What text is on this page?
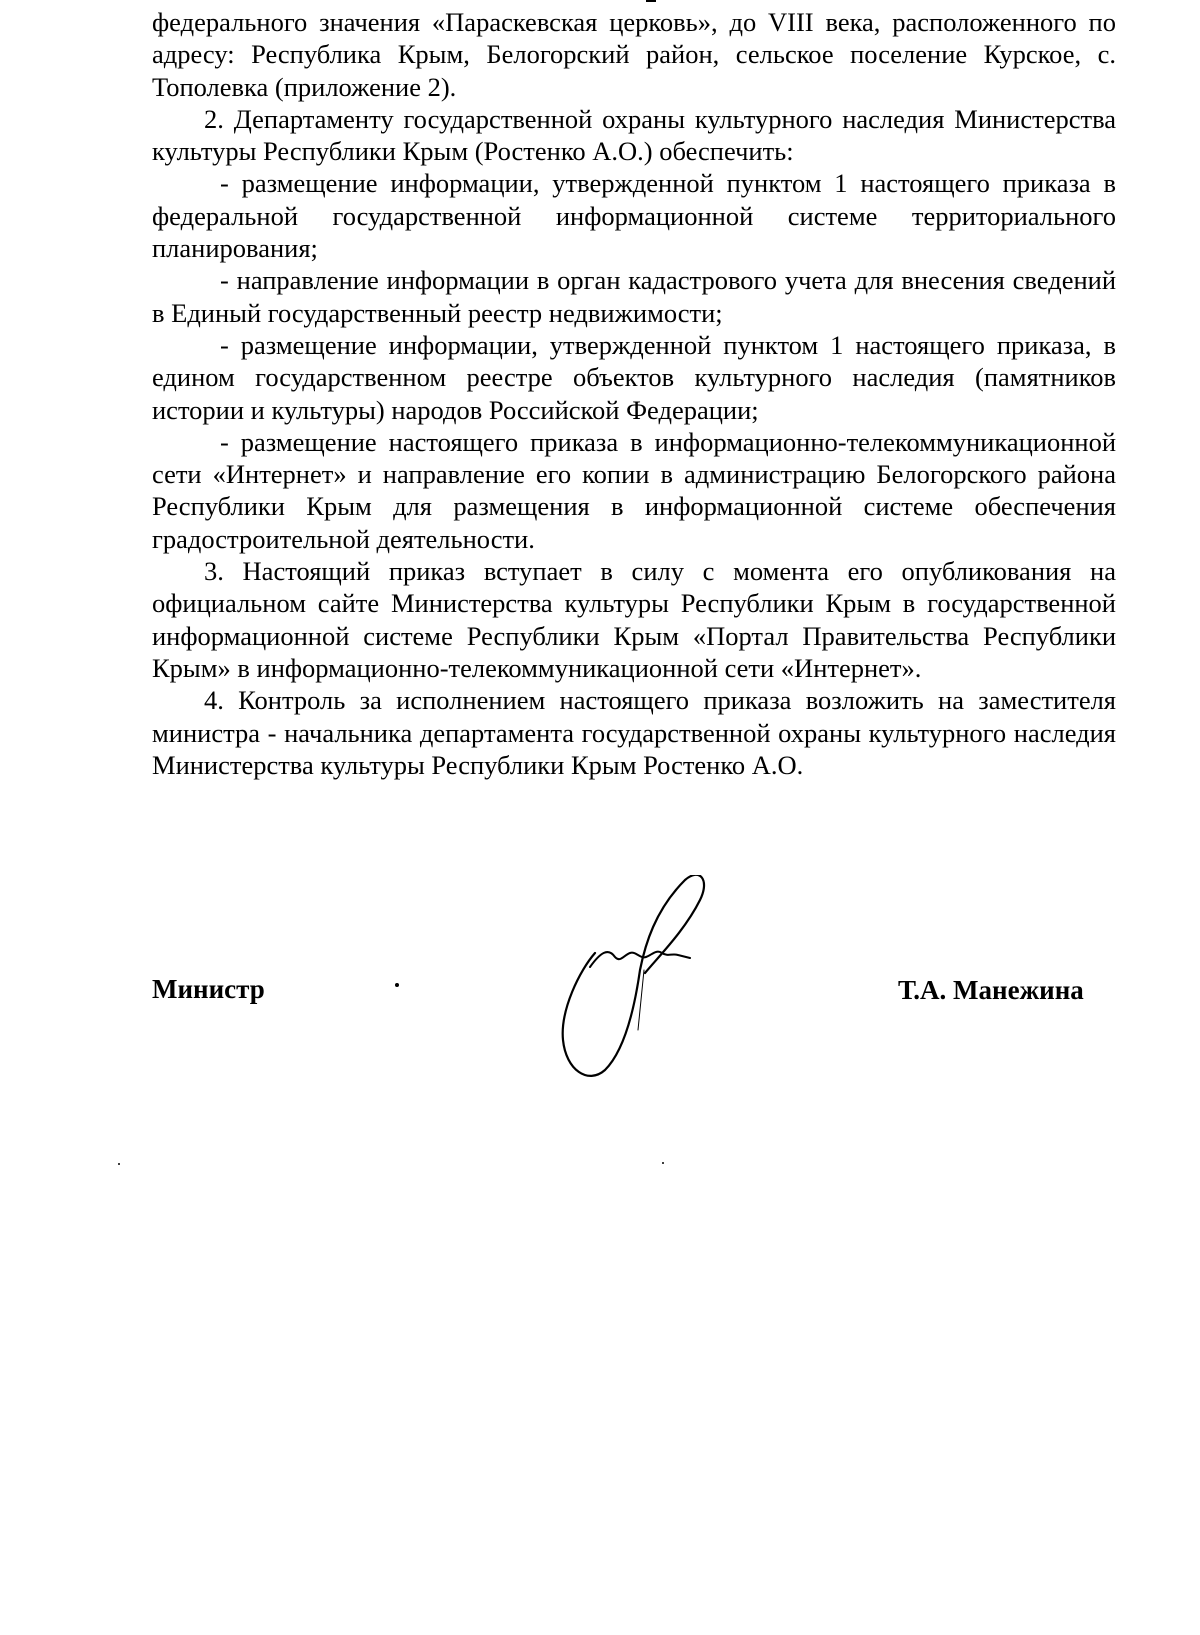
федерального значения «Параскевская церковь», до VIII века, расположенного по адресу: Республика Крым, Белогорский район, сельское поселение Курское, с. Тополевка (приложение 2).

2. Департаменту государственной охраны культурного наследия Министерства культуры Республики Крым (Ростенко А.О.) обеспечить:

- размещение информации, утвержденной пунктом 1 настоящего приказа в федеральной государственной информационной системе территориального планирования;

- направление информации в орган кадастрового учета для внесения сведений в Единый государственный реестр недвижимости;

- размещение информации, утвержденной пунктом 1 настоящего приказа, в едином государственном реестре объектов культурного наследия (памятников истории и культуры) народов Российской Федерации;

- размещение настоящего приказа в информационно-телекоммуникационной сети «Интернет» и направление его копии в администрацию Белогорского района Республики Крым для размещения в информационной системе обеспечения градостроительной деятельности.

3. Настоящий приказ вступает в силу с момента его опубликования на официальном сайте Министерства культуры Республики Крым в государственной информационной системе Республики Крым «Портал Правительства Республики Крым» в информационно-телекоммуникационной сети «Интернет».

4. Контроль за исполнением настоящего приказа возложить на заместителя министра - начальника департамента государственной охраны культурного наследия Министерства культуры Республики Крым Ростенко А.О.

Министр	Т.А. Манежина
